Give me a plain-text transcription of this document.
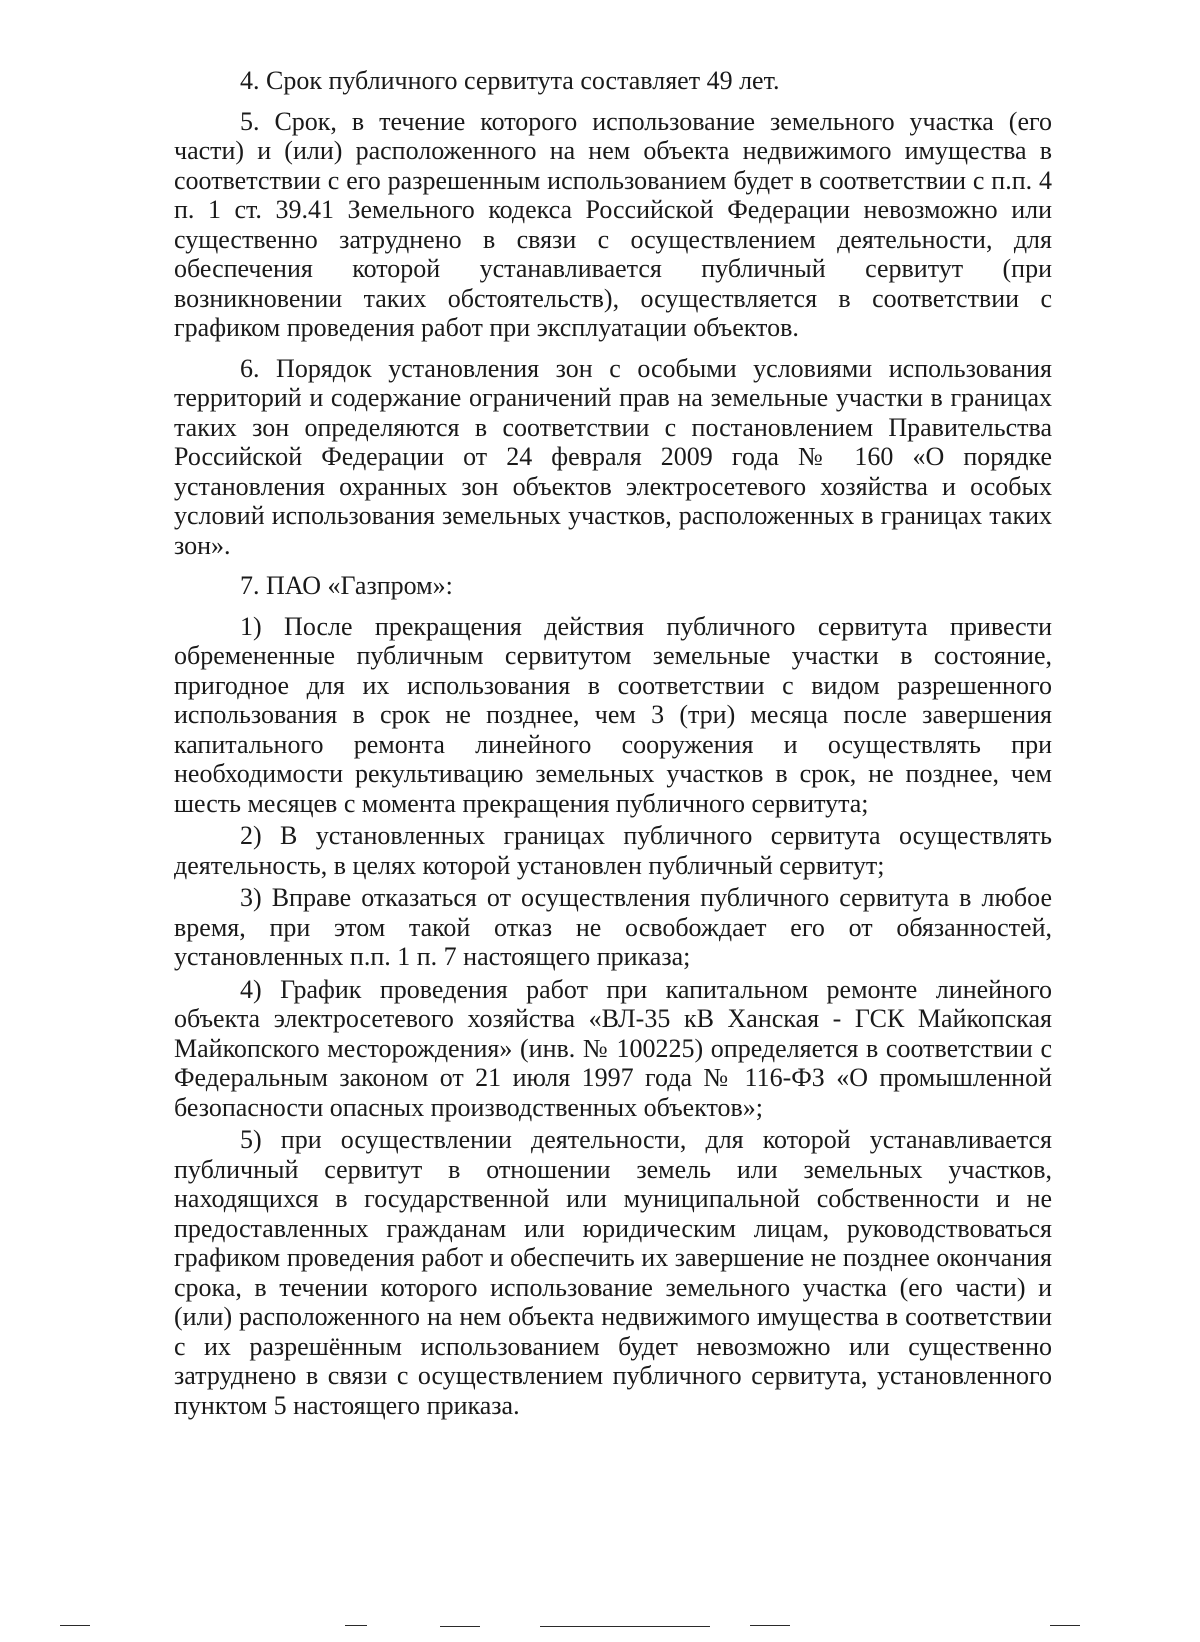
4. Срок публичного сервитута составляет 49 лет.

5. Срок, в течение которого использование земельного участка (его части) и (или) расположенного на нем объекта недвижимого имущества в соответствии с его разрешенным использованием будет в соответствии с п.п. 4 п. 1 ст. 39.41 Земельного кодекса Российской Федерации невозможно или существенно затруднено в связи с осуществлением деятельности, для обеспечения которой устанавливается публичный сервитут (при возникновении таких обстоятельств), осуществляется в соответствии с графиком проведения работ при эксплуатации объектов.

6. Порядок установления зон с особыми условиями использования территорий и содержание ограничений прав на земельные участки в границах таких зон определяются в соответствии с постановлением Правительства Российской Федерации от 24 февраля 2009 года № 160 «О порядке установления охранных зон объектов электросетевого хозяйства и особых условий использования земельных участков, расположенных в границах таких зон».

7. ПАО «Газпром»:

1) После прекращения действия публичного сервитута привести обремененные публичным сервитутом земельные участки в состояние, пригодное для их использования в соответствии с видом разрешенного использования в срок не позднее, чем 3 (три) месяца после завершения капитального ремонта линейного сооружения и осуществлять при необходимости рекультивацию земельных участков в срок, не позднее, чем шесть месяцев с момента прекращения публичного сервитута;

2) В установленных границах публичного сервитута осуществлять деятельность, в целях которой установлен публичный сервитут;

3) Вправе отказаться от осуществления публичного сервитута в любое время, при этом такой отказ не освобождает его от обязанностей, установленных п.п. 1 п. 7 настоящего приказа;

4) График проведения работ при капитальном ремонте линейного объекта электросетевого хозяйства «ВЛ-35 кВ Ханская - ГСК Майкопская Майкопского месторождения» (инв. № 100225) определяется в соответствии с Федеральным законом от 21 июля 1997 года № 116-ФЗ «О промышленной безопасности опасных производственных объектов»;

5) при осуществлении деятельности, для которой устанавливается публичный сервитут в отношении земель или земельных участков, находящихся в государственной или муниципальной собственности и не предоставленных гражданам или юридическим лицам, руководствоваться графиком проведения работ и обеспечить их завершение не позднее окончания срока, в течении которого использование земельного участка (его части) и (или) расположенного на нем объекта недвижимого имущества в соответствии с их разрешённым использованием будет невозможно или существенно затруднено в связи с осуществлением публичного сервитута, установленного пунктом 5 настоящего приказа.
